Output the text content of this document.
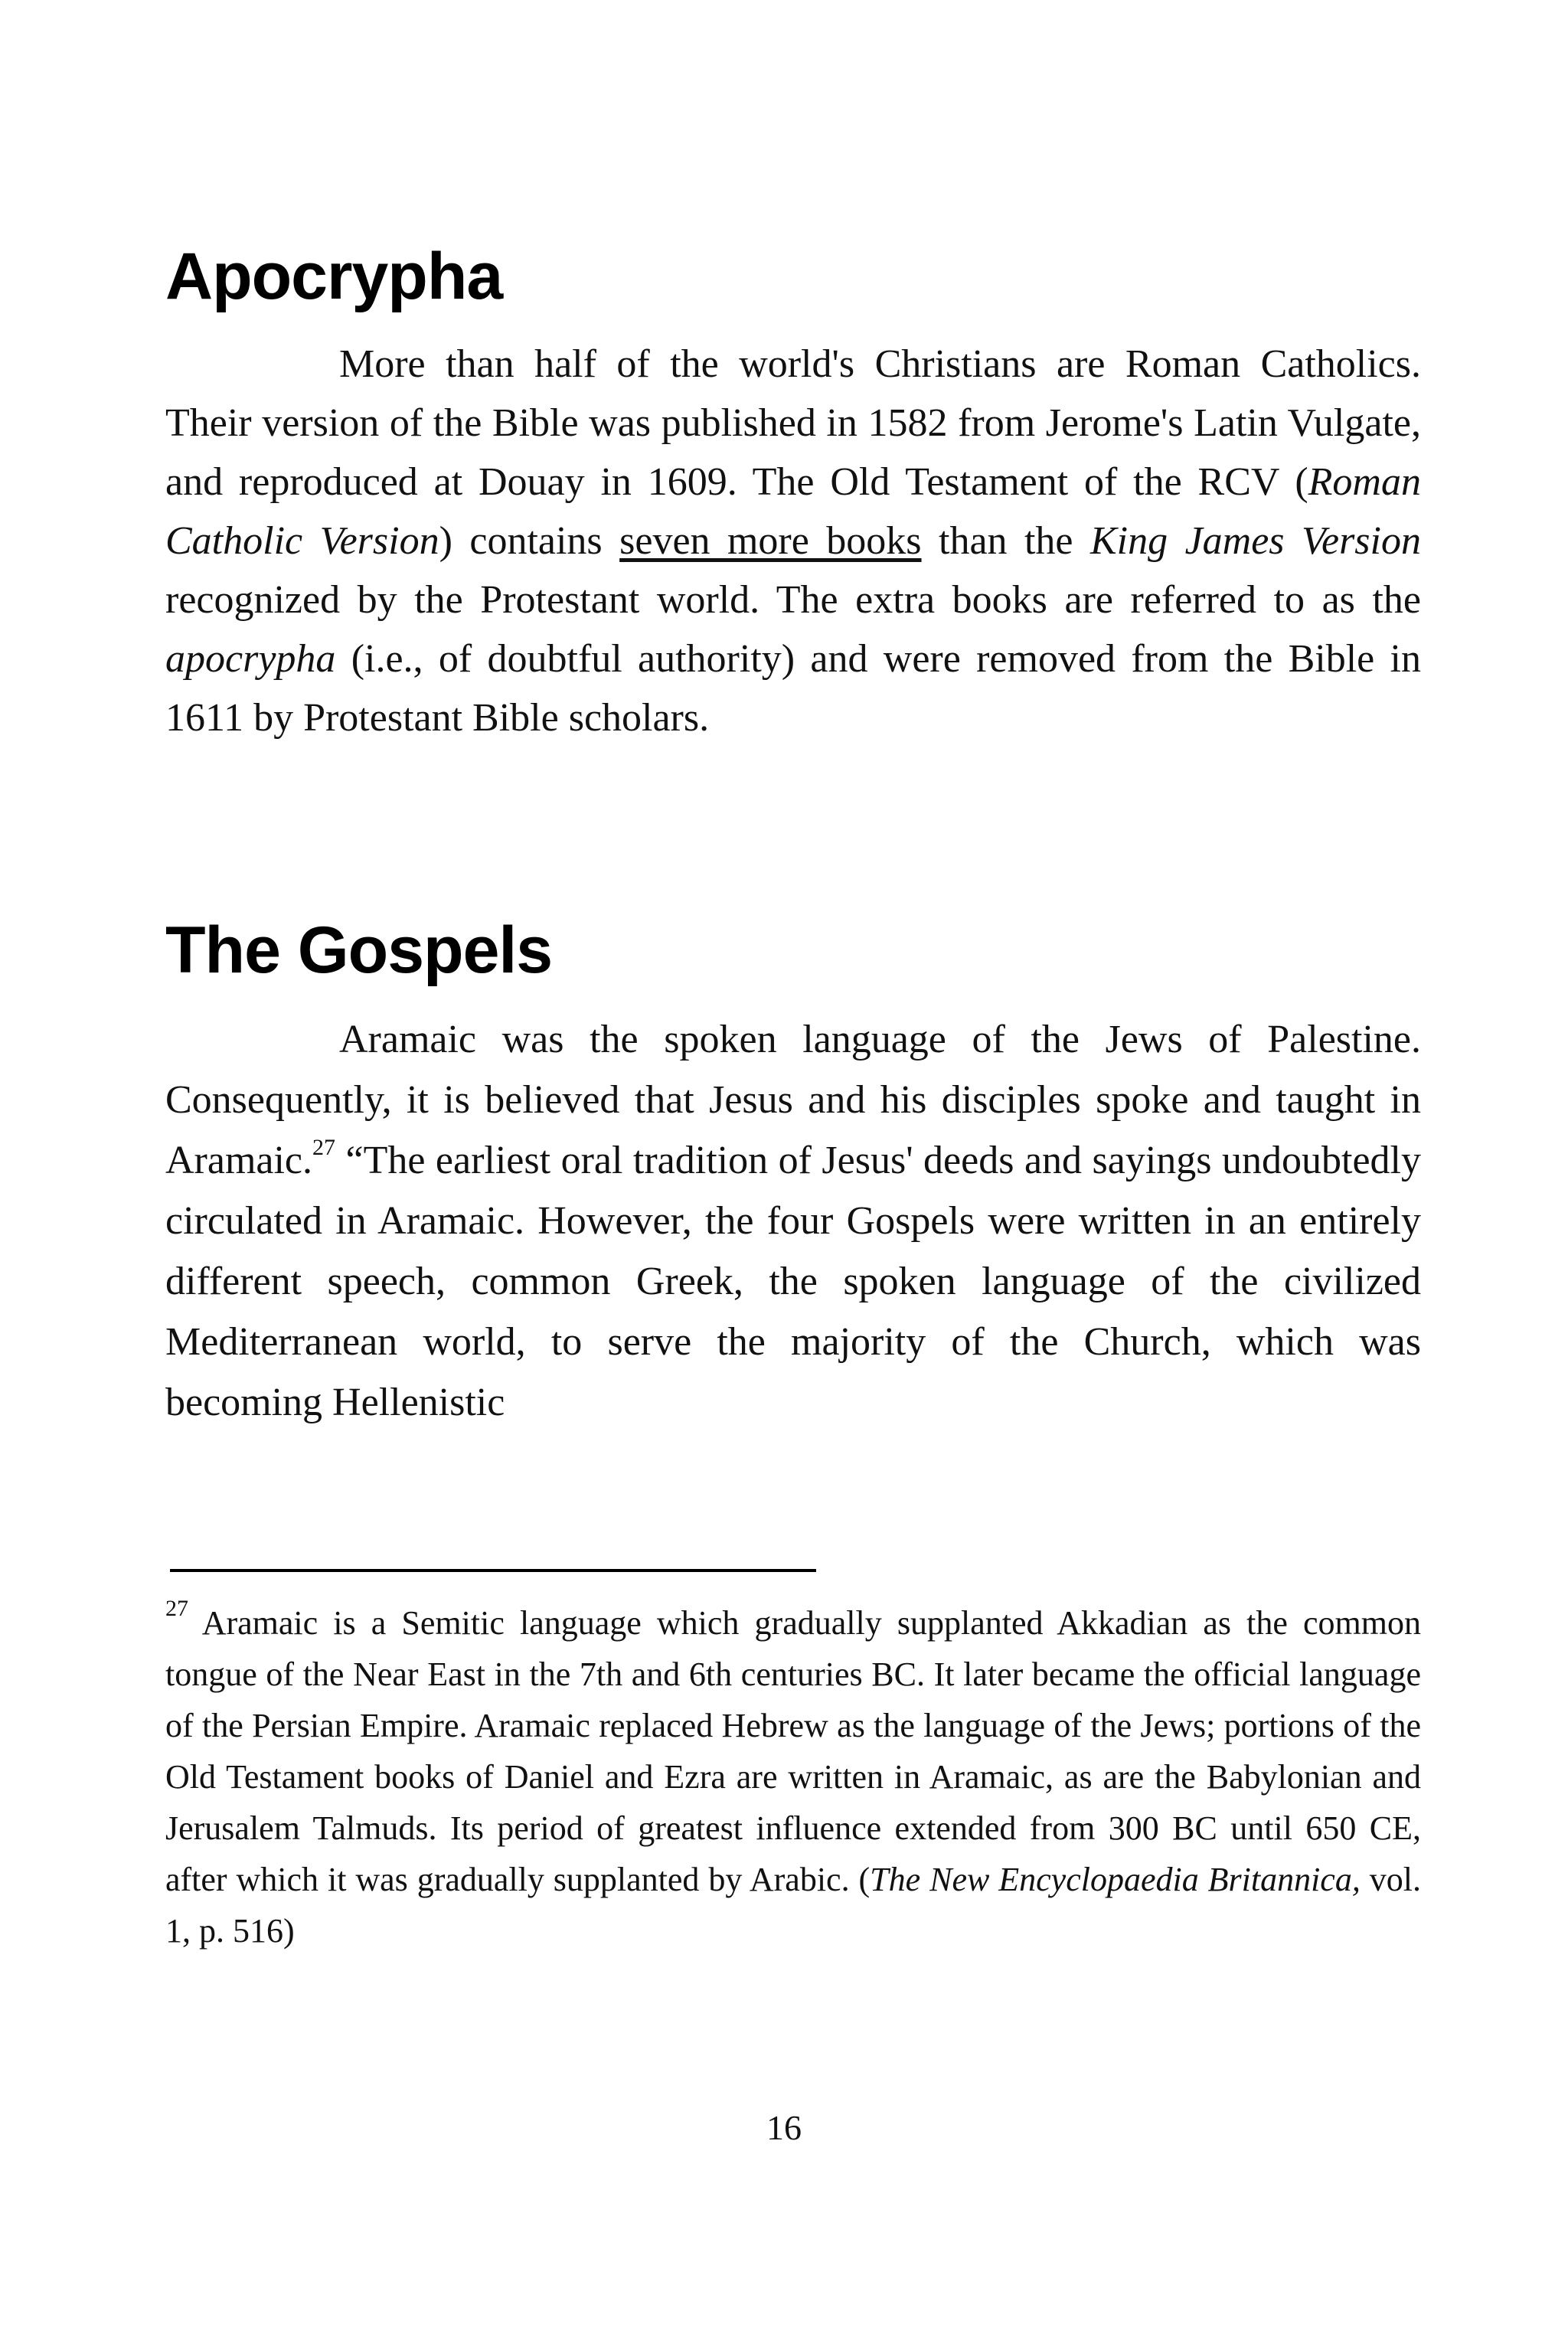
Apocrypha

More than half of the world's Christians are Roman Catholics. Their version of the Bible was published in 1582 from Jerome's Latin Vulgate, and reproduced at Douay in 1609. The Old Testament of the RCV (Roman Catholic Version) contains seven more books than the King James Version recognized by the Protestant world. The extra books are referred to as the apocrypha (i.e., of doubtful authority) and were removed from the Bible in 1611 by Protestant Bible scholars.

The Gospels

Aramaic was the spoken language of the Jews of Palestine. Consequently, it is believed that Jesus and his disciples spoke and taught in Aramaic.$^{27}$ “The earliest oral tradition of Jesus' deeds and sayings undoubtedly circulated in Aramaic. However, the four Gospels were written in an entirely different speech, common Greek, the spoken language of the civilized Mediterranean world, to serve the majority of the Church, which was becoming Hellenistic

$^{27}$ Aramaic is a Semitic language which gradually supplanted Akkadian as the common tongue of the Near East in the 7th and 6th centuries BC. It later became the official language of the Persian Empire. Aramaic replaced Hebrew as the language of the Jews; portions of the Old Testament books of Daniel and Ezra are written in Aramaic, as are the Babylonian and Jerusalem Talmuds. Its period of greatest influence extended from 300 BC until 650 CE, after which it was gradually supplanted by Arabic. (The New Encyclopaedia Britannica, vol. 1, p. 516)

16
